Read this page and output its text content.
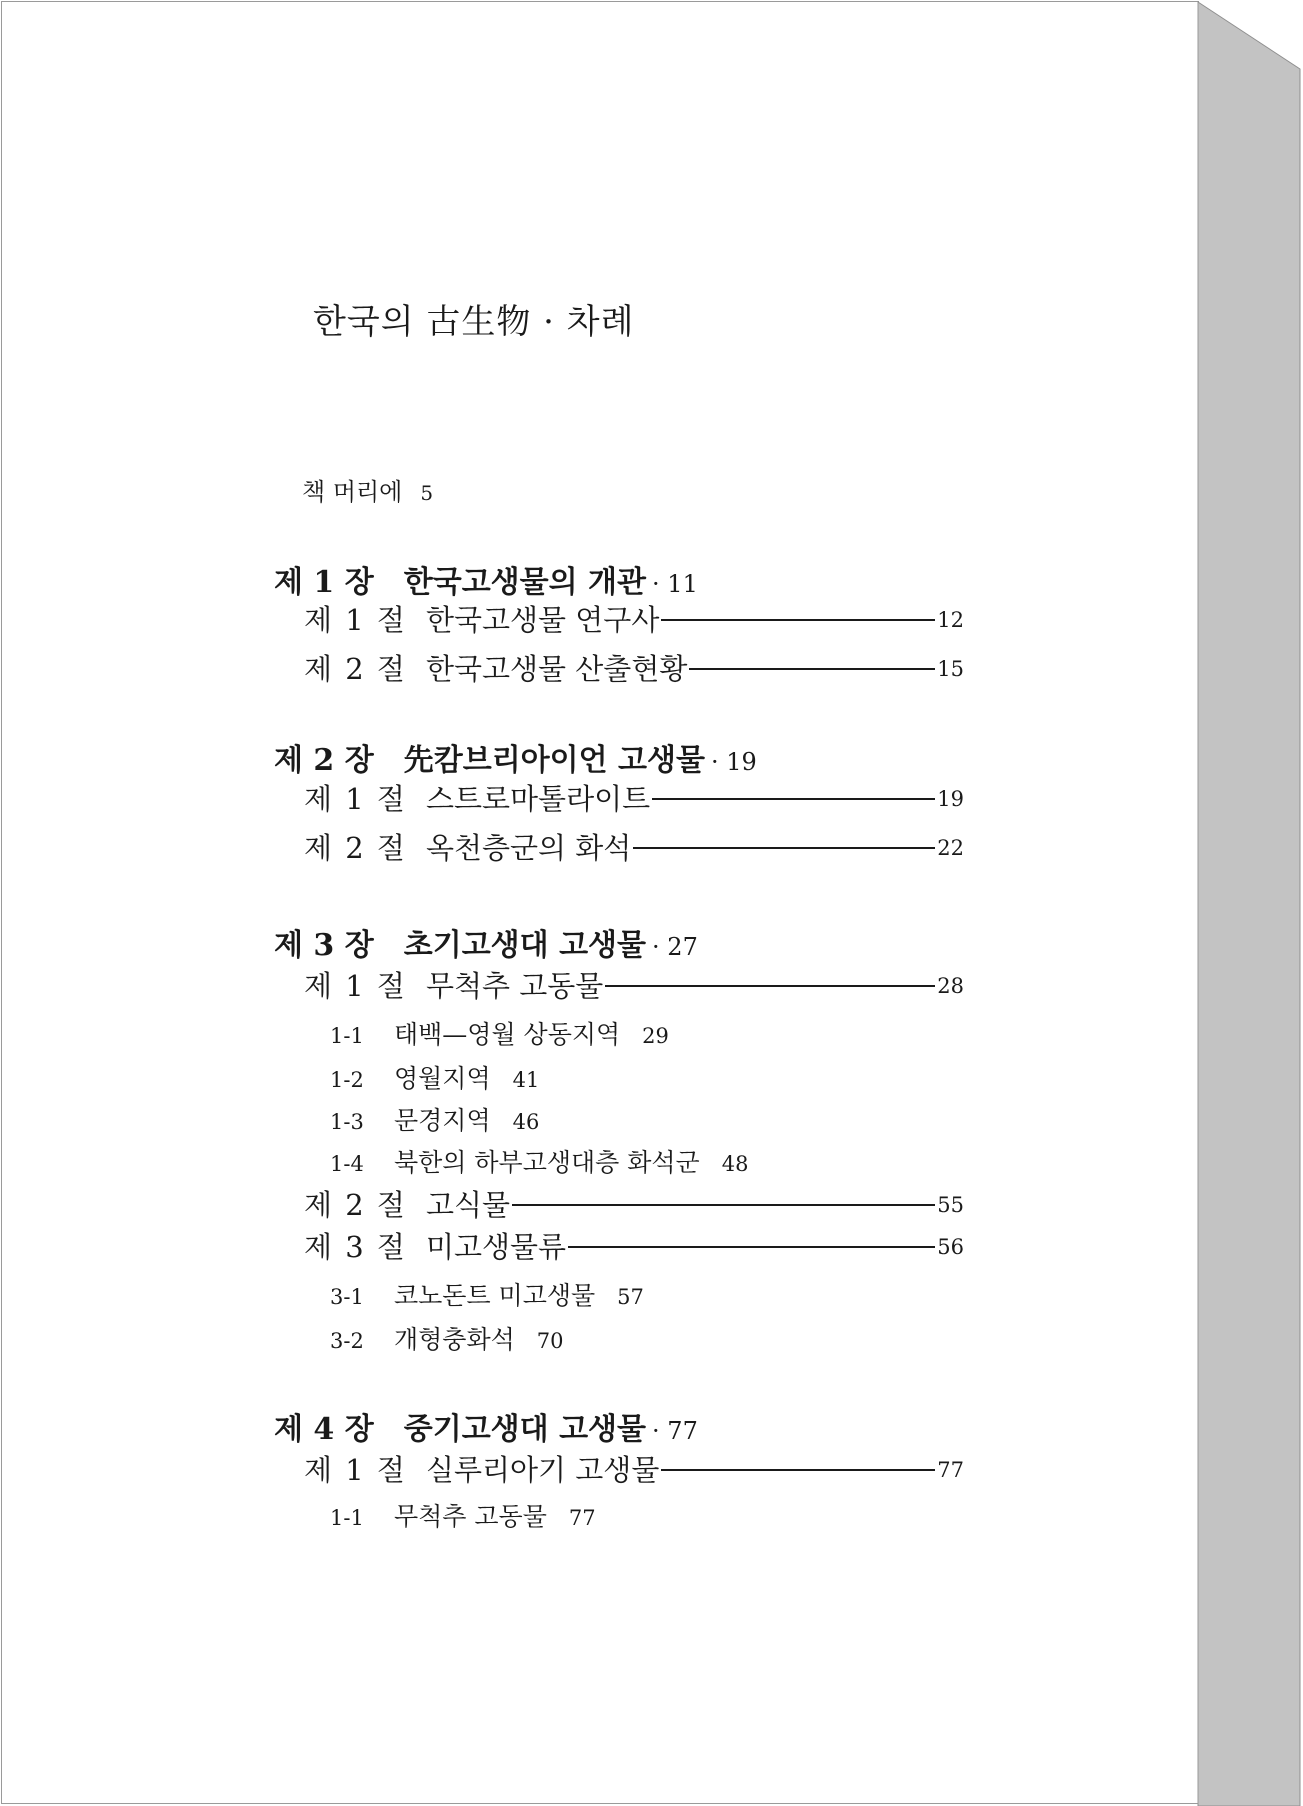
한국의 古生物 · 차례
책 머리에 5
제 1 장 한국고생물의 개관 · 11
제 1 절 한국고생물 연구사	12
제 2 절 한국고생물 산출현황	15
제 2 장 先캄브리아이언 고생물 · 19
제 1 절 스트로마톨라이트	19
제 2 절 옥천층군의 화석	22
제 3 장 초기고생대 고생물 · 27
제 1 절 무척추 고동물	28
1-1 태백—영월 상동지역 29
1-2 영월지역 41
1-3 문경지역 46
1-4 북한의 하부고생대층 화석군 48
제 2 절 고식물	55
제 3 절 미고생물류	56
3-1 코노돈트 미고생물 57
3-2 개형충화석 70
제 4 장 중기고생대 고생물 · 77
제 1 절 실루리아기 고생물	77
1-1 무척추 고동물 77
